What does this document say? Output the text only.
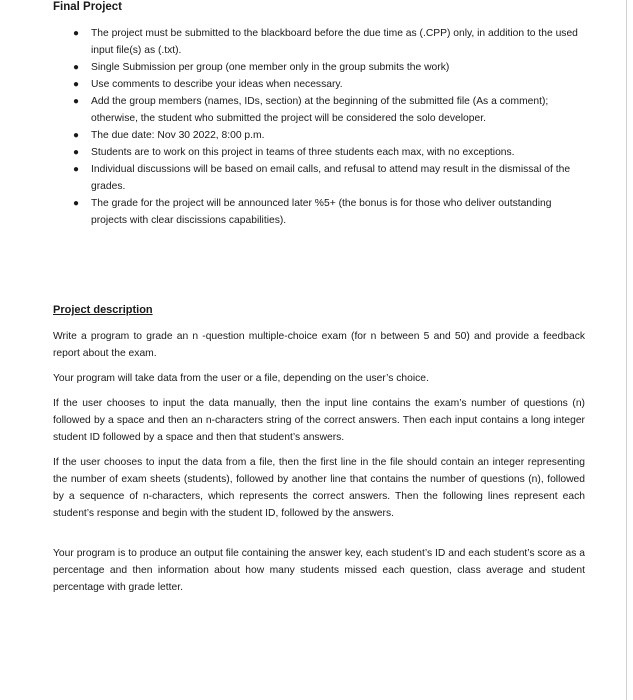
Final Project
● The project must be submitted to the blackboard before the due time as (.CPP) only, in addition to the used input file(s) as (.txt).
● Single Submission per group (one member only in the group submits the work)
● Use comments to describe your ideas when necessary.
● Add the group members (names, IDs, section) at the beginning of the submitted file (As a comment); otherwise, the student who submitted the project will be considered the solo developer.
● The due date: Nov 30 2022, 8:00 p.m.
● Students are to work on this project in teams of three students each max, with no exceptions.
● Individual discussions will be based on email calls, and refusal to attend may result in the dismissal of the grades.
● The grade for the project will be announced later %5+ (the bonus is for those who deliver outstanding projects with clear discissions capabilities).
Project description

Write a program to grade an n -question multiple-choice exam (for n between 5 and 50) and provide a feedback report about the exam.

Your program will take data from the user or a file, depending on the user’s choice.

If the user chooses to input the data manually, then the input line contains the exam’s number of questions (n) followed by a space and then an n-characters string of the correct answers. Then each input contains a long integer student ID followed by a space and then that student’s answers.

If the user chooses to input the data from a file, then the first line in the file should contain an integer representing the number of exam sheets (students), followed by another line that contains the number of questions (n), followed by a sequence of n-characters, which represents the correct answers. Then the following lines represent each student’s response and begin with the student ID, followed by the answers.

Your program is to produce an output file containing the answer key, each student’s ID and each student’s score as a percentage and then information about how many students missed each question, class average and student percentage with grade letter.
